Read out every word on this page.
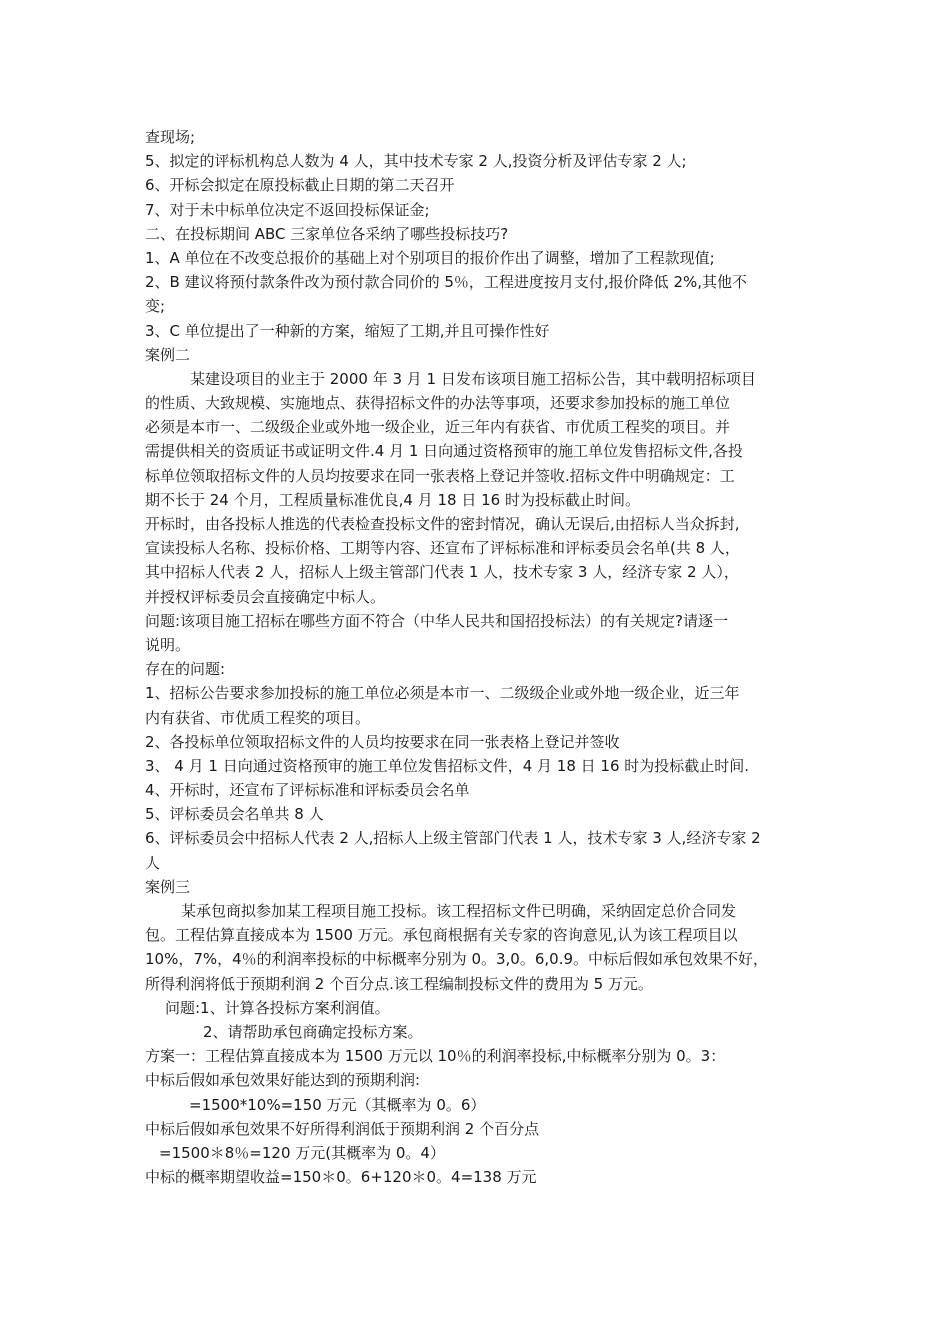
查现场;
5、拟定的评标机构总人数为 4 人，其中技术专家 2 人,投资分析及评估专家 2 人;
6、开标会拟定在原投标截止日期的第二天召开
7、对于未中标单位决定不返回投标保证金;
二、在投标期间 ABC 三家单位各采纳了哪些投标技巧?
1、A 单位在不改变总报价的基础上对个别项目的报价作出了调整，增加了工程款现值;
2、B 建议将预付款条件改为预付款合同价的 5％，工程进度按月支付,报价降低 2%,其他不
变;
3、C 单位提出了一种新的方案，缩短了工期,并且可操作性好
案例二
某建设项目的业主于 2000 年 3 月 1 日发布该项目施工招标公告，其中载明招标项目
的性质、大致规模、实施地点、获得招标文件的办法等事项，还要求参加投标的施工单位
必须是本市一、二级级企业或外地一级企业，近三年内有获省、市优质工程奖的项目。并
需提供相关的资质证书或证明文件.4 月 1 日向通过资格预审的施工单位发售招标文件,各投
标单位领取招标文件的人员均按要求在同一张表格上登记并签收.招标文件中明确规定：工
期不长于 24 个月，工程质量标准优良,4 月 18 日 16 时为投标截止时间。
开标时，由各投标人推选的代表检查投标文件的密封情况，确认无误后,由招标人当众拆封,
宣读投标人名称、投标价格、工期等内容、还宣布了评标标准和评标委员会名单(共 8 人，
其中招标人代表 2 人，招标人上级主管部门代表 1 人，技术专家 3 人，经济专家 2 人），
并授权评标委员会直接确定中标人。
问题:该项目施工招标在哪些方面不符合（中华人民共和国招投标法）的有关规定?请逐一
说明。
存在的问题:
1、招标公告要求参加投标的施工单位必须是本市一、二级级企业或外地一级企业，近三年
内有获省、市优质工程奖的项目。
2、各投标单位领取招标文件的人员均按要求在同一张表格上登记并签收
3、 4 月 1 日向通过资格预审的施工单位发售招标文件，4 月 18 日 16 时为投标截止时间.
4、开标时，还宣布了评标标准和评标委员会名单
5、评标委员会名单共 8 人
6、评标委员会中招标人代表 2 人,招标人上级主管部门代表 1 人，技术专家 3 人,经济专家 2
人
案例三
某承包商拟参加某工程项目施工投标。该工程招标文件已明确，采纳固定总价合同发
包。工程估算直接成本为 1500 万元。承包商根据有关专家的咨询意见,认为该工程项目以
10%，7%，4％的利润率投标的中标概率分别为 0。3,0。6,0.9。中标后假如承包效果不好，
所得利润将低于预期利润 2 个百分点.该工程编制投标文件的费用为 5 万元。
问题:1、计算各投标方案利润值。
2、请帮助承包商确定投标方案。
方案一：工程估算直接成本为 1500 万元以 10％的利润率投标,中标概率分别为 0。3：
中标后假如承包效果好能达到的预期利润:
=1500*10%=150 万元（其概率为 0。6）
中标后假如承包效果不好所得利润低于预期利润 2 个百分点
=1500＊8％=120 万元(其概率为 0。4）
中标的概率期望收益=150＊0。6+120＊0。4=138 万元
